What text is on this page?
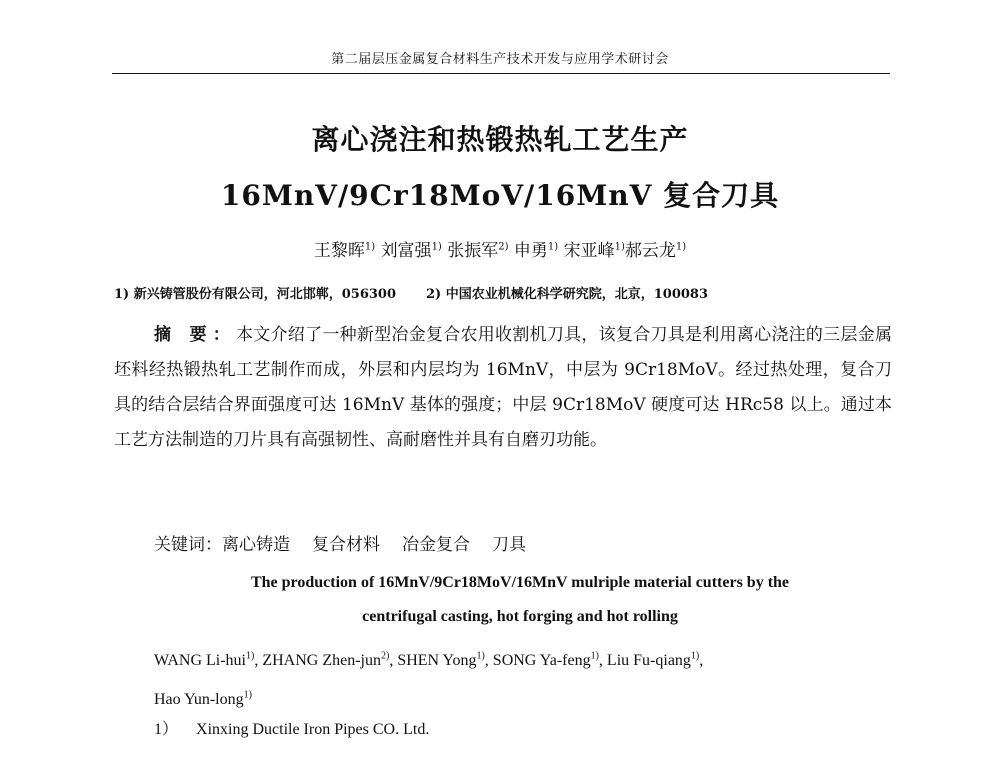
第二届层压金属复合材料生产技术开发与应用学术研讨会
离心浇注和热锻热轧工艺生产
16MnV/9Cr18MoV/16MnV 复合刀具
王黎晖$^{1)}$ 刘富强$^{1)}$ 张振军$^{2)}$ 申勇$^{1)}$ 宋亚峰$^{1)}$郝云龙$^{1)}$
1) 新兴铸管股份有限公司，河北邯郸，056300 2) 中国农业机械化科学研究院，北京，100083
摘 要：本文介绍了一种新型冶金复合农用收割机刀具，该复合刀具是利用离心浇注的三层金属坯料经热锻热轧工艺制作而成，外层和内层均为 16MnV，中层为 9Cr18MoV。经过热处理，复合刀具的结合层结合界面强度可达 16MnV 基体的强度；中层 9Cr18MoV 硬度可达 HRc58 以上。通过本工艺方法制造的刀片具有高强韧性、高耐磨性并具有自磨刃功能。
关键词：离心铸造 复合材料 冶金复合 刀具
The production of 16MnV/9Cr18MoV/16MnV mulriple material cutters by the
centrifugal casting, hot forging and hot rolling
WANG Li-hui$^{1)}$, ZHANG Zhen-jun$^{2)}$, SHEN Yong$^{1)}$, SONG Ya-feng$^{1)}$, Liu Fu-qiang$^{1)}$,
Hao Yun-long$^{1)}$
1） Xinxing Ductile Iron Pipes CO. Ltd.
